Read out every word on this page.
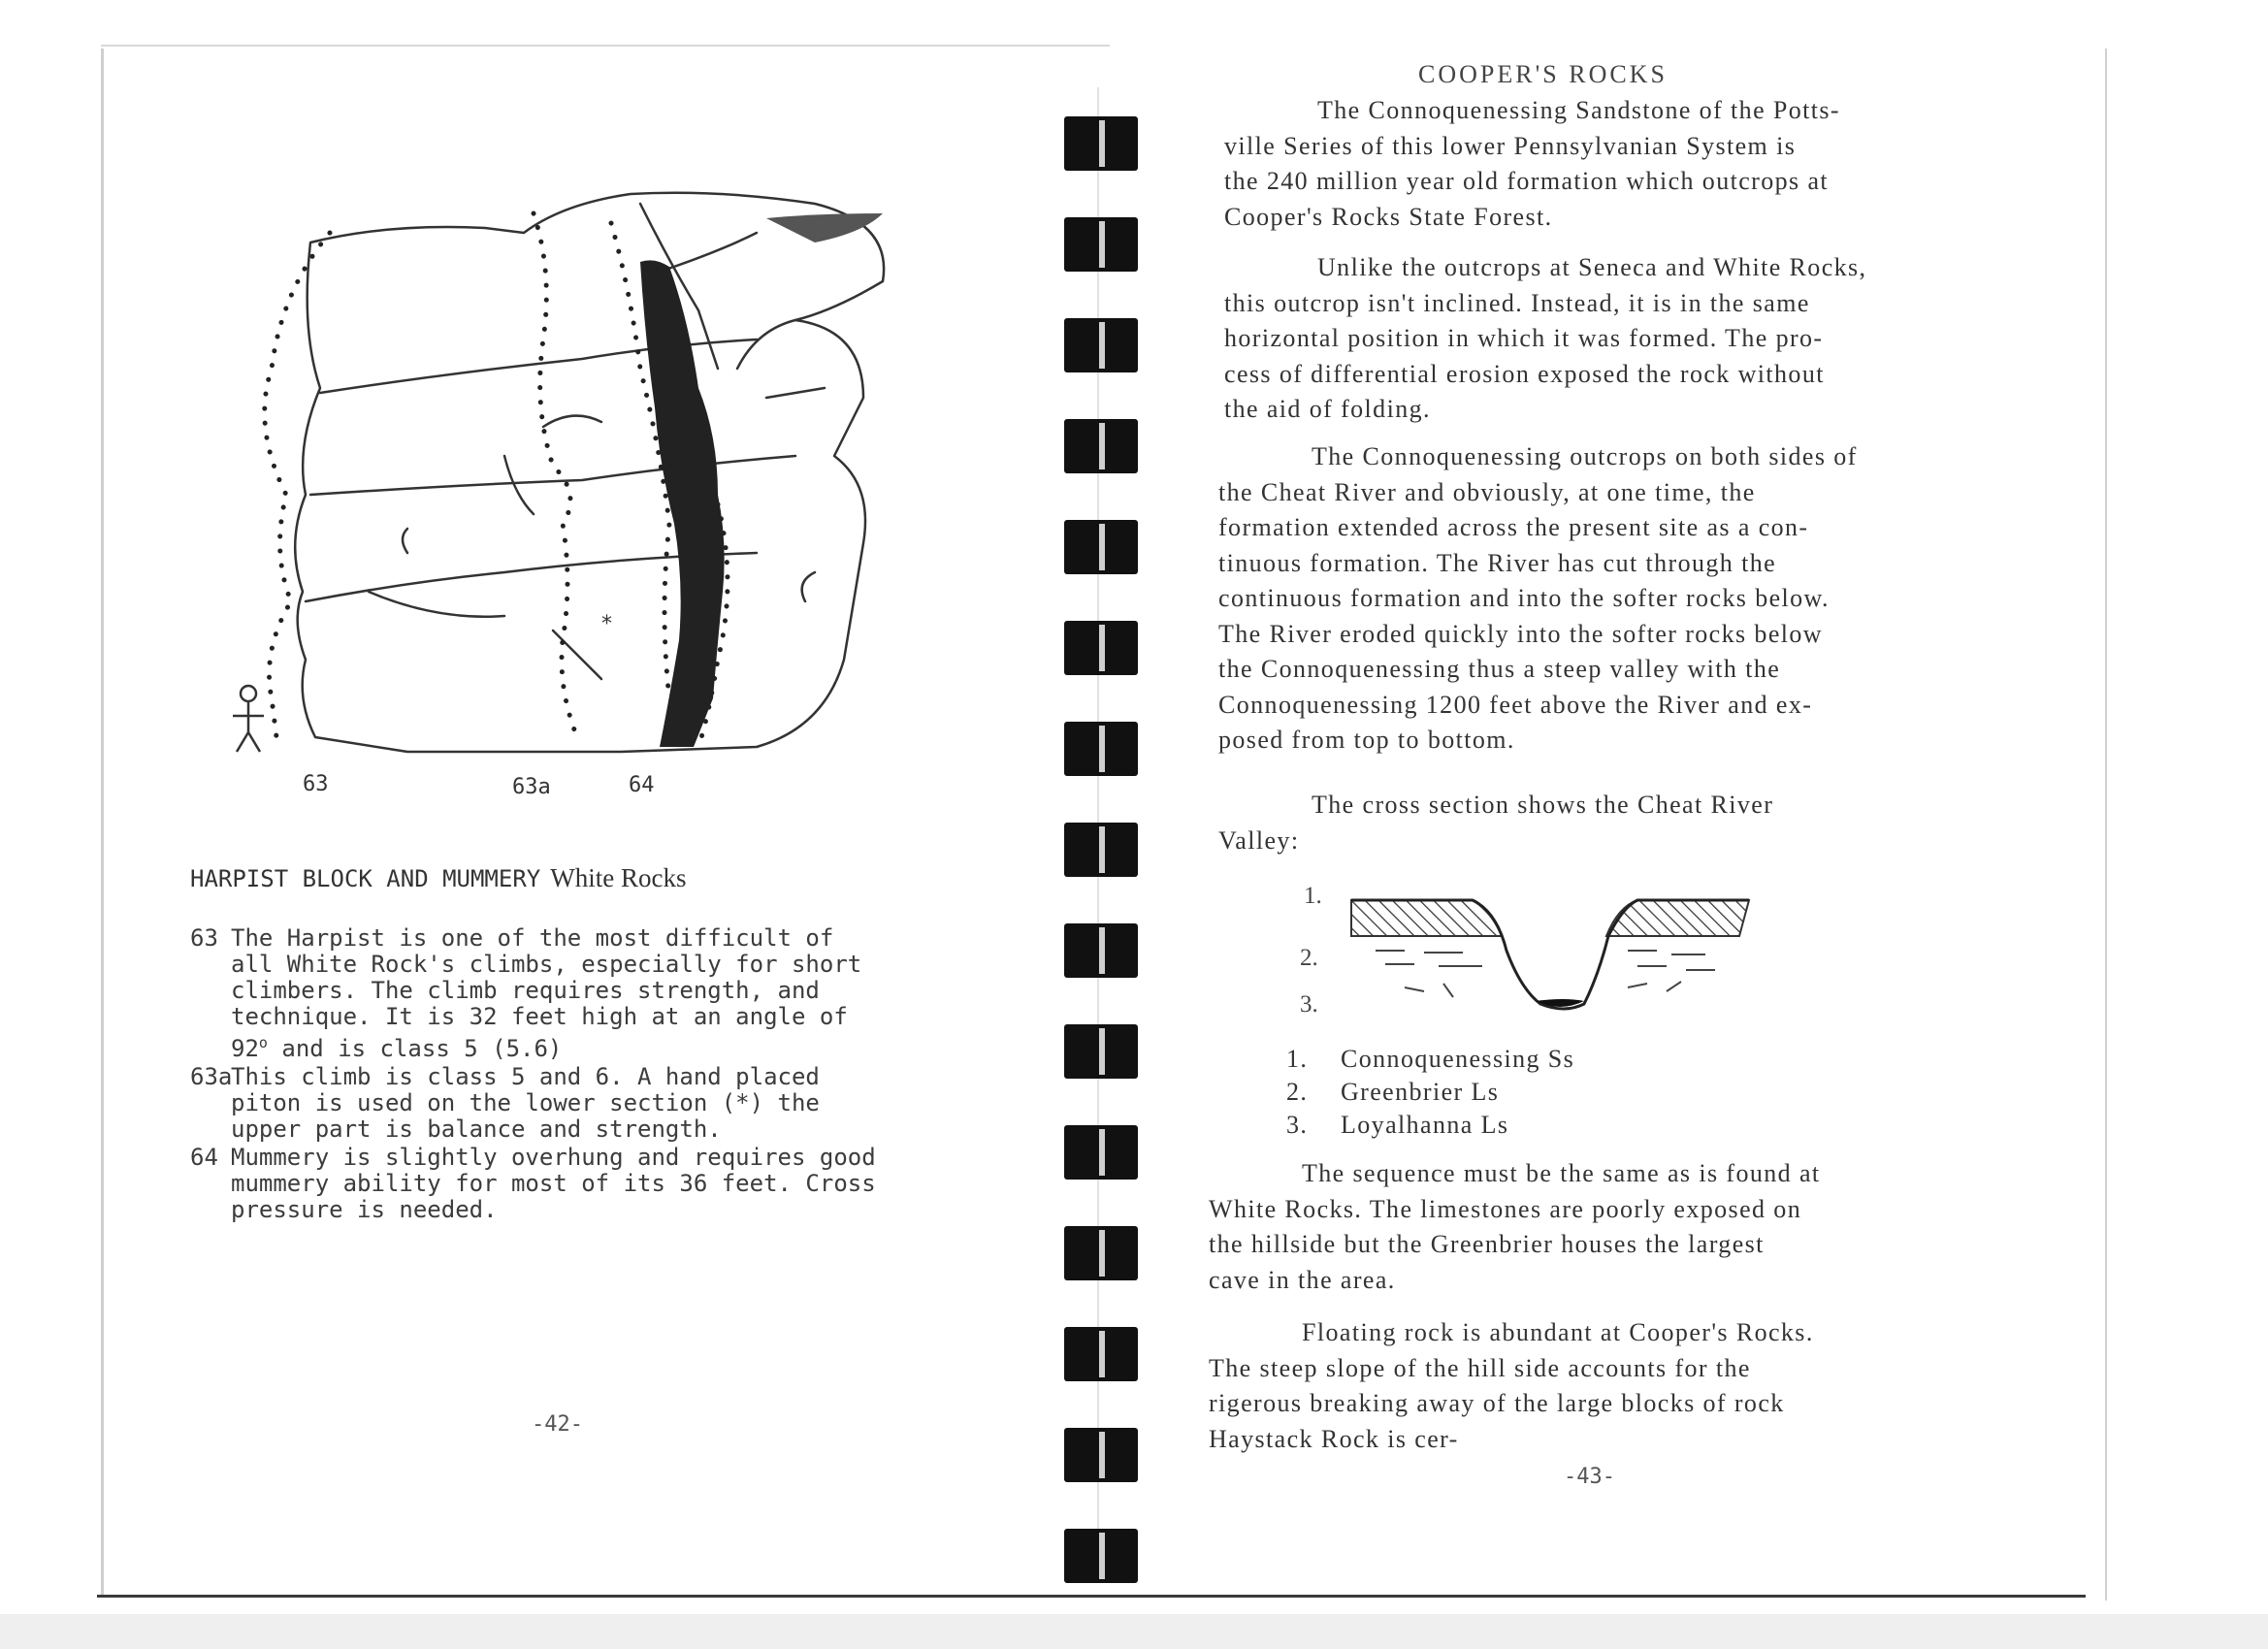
*
63	63a	64
HARPIST BLOCK AND MUMMERY White Rocks
63 The Harpist is one of the most difficult of
all White Rock's climbs, especially for short
climbers. The climb requires strength, and
technique. It is 32 feet high at an angle of
92$^o$ and is class 5 (5.6)
63a
This climb is class 5 and 6. A hand placed
piton is used on the lower section (*) the
upper part is balance and strength.
64 Mummery is slightly overhung and requires good
mummery ability for most of its 36 feet. Cross
pressure is needed.
-42-
COOPER'S ROCKS
The Connoquenessing Sandstone of the Potts-
ville Series of this lower Pennsylvanian System is
the 240 million year old formation which outcrops at
Cooper's Rocks State Forest.
Unlike the outcrops at Seneca and White Rocks,
this outcrop isn't inclined. Instead, it is in the same
horizontal position in which it was formed. The pro-
cess of differential erosion exposed the rock without
the aid of folding.
The Connoquenessing outcrops on both sides of
the Cheat River and obviously, at one time, the
formation extended across the present site as a con-
tinuous formation. The River has cut through the
continuous formation and into the softer rocks below.
The River eroded quickly into the softer rocks below
the Connoquenessing thus a steep valley with the
Connoquenessing 1200 feet above the River and ex-
posed from top to bottom.
The cross section shows the Cheat River
Valley:
1.
2.
3.
1.	Connoquenessing Ss
2.	Greenbrier Ls
3.	Loyalhanna Ls
The sequence must be the same as is found at
White Rocks. The limestones are poorly exposed on
the hillside but the Greenbrier houses the largest
cave in the area.
Floating rock is abundant at Cooper's Rocks.
The steep slope of the hill side accounts for the
rigerous breaking away of the large blocks of rock
Haystack Rock is cer-
-43-
